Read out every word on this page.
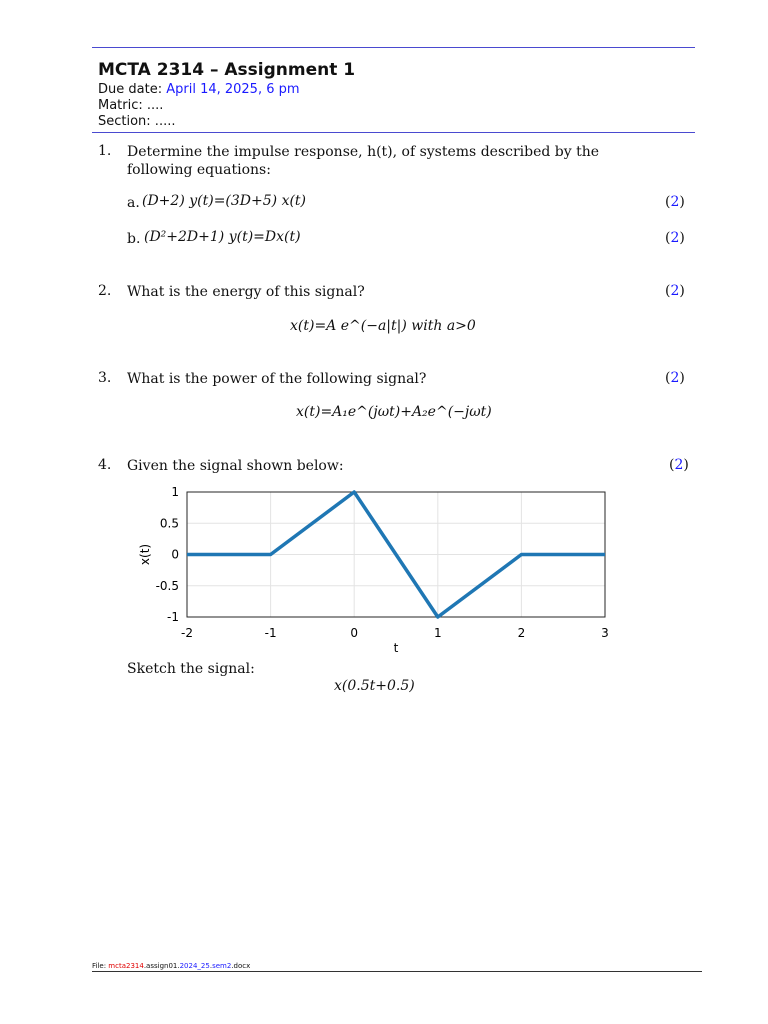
MCTA 2314 – Assignment 1
Due date: April 14, 2025, 6 pm
Matric: ....
Section: .....
1. Determine the impulse response, h(t), of systems described by the following equations:
a. (D+2) y(t)=(3D+5) x(t)	(2)
b. (D²+2D+1) y(t)=Dx(t)	(2)
2. What is the energy of this signal?	(2)
x(t)=A e^(−a|t|) with a>0
3. What is the power of the following signal?	(2)
x(t)=A₁e^(jωt)+A₂e^(−jωt)
4. Given the signal shown below:	(2)
-2	-1	0	1	2	3
1
0.5
0
-0.5
-1
t
x(t)
Sketch the signal:
x(0.5t+0.5)
File: mcta2314.assign01.2024_25.sem2.docx
